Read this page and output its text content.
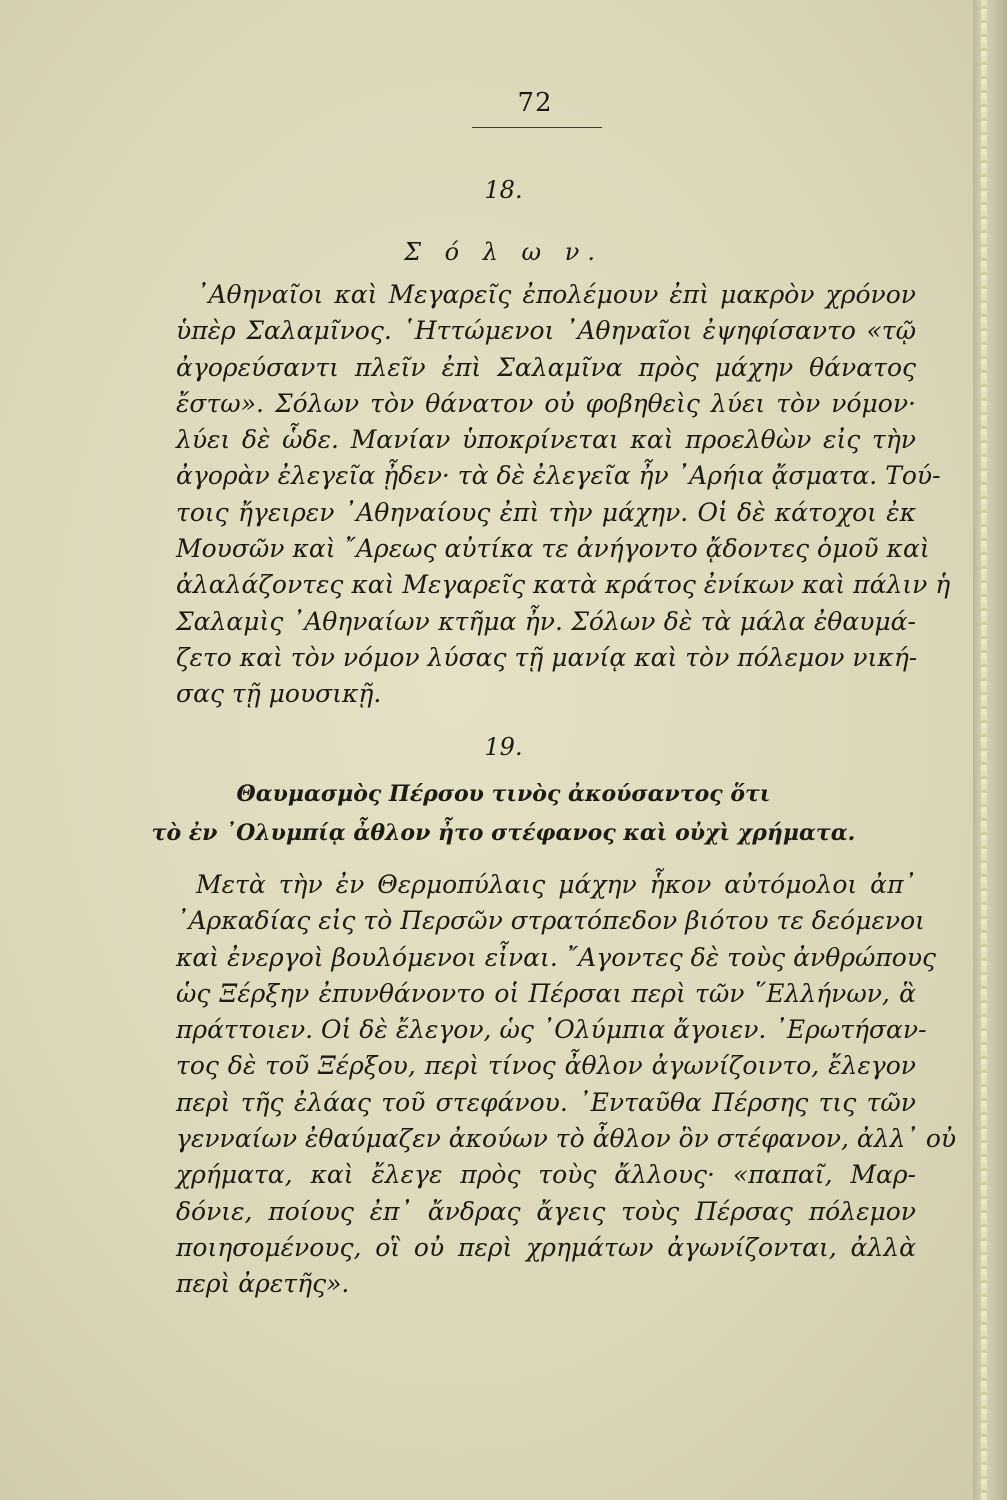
72
18.
Σ ό λ ω ν.
᾿Αθηναῖοι καὶ Μεγαρεῖς ἐπολέμουν ἐπὶ μακρὸν χρόνον
ὑπὲρ Σαλαμῖνος. ῾Ηττώμενοι ᾿Αθηναῖοι ἐψηφίσαντο «τῷ
ἀγορεύσαντι πλεῖν ἐπὶ Σαλαμῖνα πρὸς μάχην θάνατος
ἔστω». Σόλων τὸν θάνατον οὐ φοβηθεὶς λύει τὸν νόμον·
λύει δὲ ὧδε. Μανίαν ὑποκρίνεται καὶ προελθὼν εἰς τὴν
ἀγορὰν ἐλεγεῖα ᾖδεν· τὰ δὲ ἐλεγεῖα ἦν ᾿Αρήια ᾄσματα. Τού-
τοις ἤγειρεν ᾿Αθηναίους ἐπὶ τὴν μάχην. Οἱ δὲ κάτοχοι ἐκ
Μουσῶν καὶ ῎Αρεως αὐτίκα τε ἀνήγοντο ᾄδοντες ὁμοῦ καὶ
ἀλαλάζοντες καὶ Μεγαρεῖς κατὰ κράτος ἐνίκων καὶ πάλιν ἡ
Σαλαμὶς ᾿Αθηναίων κτῆμα ἦν. Σόλων δὲ τὰ μάλα ἐθαυμά-
ζετο καὶ τὸν νόμον λύσας τῇ μανίᾳ καὶ τὸν πόλεμον νική-
σας τῇ μουσικῇ.
19.
Θαυμασμὸς Πέρσου τινὸς ἀκούσαντος ὅτι
τὸ ἐν ᾿Ολυμπίᾳ ἆθλον ἦτο στέφανος καὶ οὐχὶ χρήματα.
Μετὰ τὴν ἐν Θερμοπύλαις μάχην ἧκον αὐτόμολοι ἀπ᾿
᾿Αρκαδίας εἰς τὸ Περσῶν στρατόπεδον βιότου τε δεόμενοι
καὶ ἐνεργοὶ βουλόμενοι εἶναι. ῎Αγοντες δὲ τοὺς ἀνθρώπους
ὡς Ξέρξην ἐπυνθάνοντο οἱ Πέρσαι περὶ τῶν ῞Ελλήνων, ἃ
πράττοιεν. Οἱ δὲ ἔλεγον, ὡς ᾿Ολύμπια ἄγοιεν. ᾿Ερωτήσαν-
τος δὲ τοῦ Ξέρξου, περὶ τίνος ἆθλον ἀγωνίζοιντο, ἔλεγον
περὶ τῆς ἐλάας τοῦ στεφάνου. ᾿Ενταῦθα Πέρσης τις τῶν
γενναίων ἐθαύμαζεν ἀκούων τὸ ἆθλον ὃν στέφανον, ἀλλ᾿ οὐ
χρήματα, καὶ ἔλεγε πρὸς τοὺς ἄλλους· «παπαῖ, Μαρ-
δόνιε, ποίους ἐπ᾿ ἄνδρας ἄγεις τοὺς Πέρσας πόλεμον
ποιησομένους, οἳ οὐ περὶ χρημάτων ἀγωνίζονται, ἀλλὰ
περὶ ἀρετῆς».
